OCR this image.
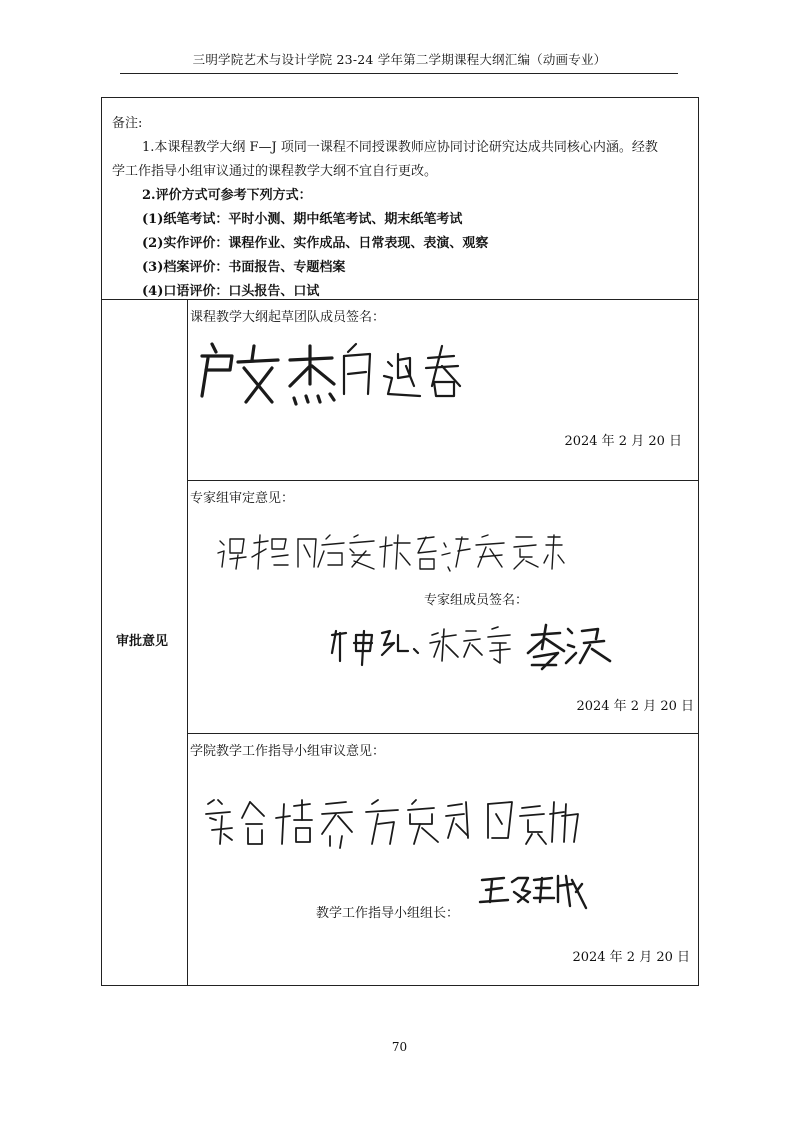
三明学院艺术与设计学院 23-24 学年第二学期课程大纲汇编（动画专业）
备注:
1.本课程教学大纲 F—J 项同一课程不同授课教师应协同讨论研究达成共同核心内涵。经教
学工作指导小组审议通过的课程教学大纲不宜自行更改。
2.评价方式可参考下列方式：
(1)纸笔考试：平时小测、期中纸笔考试、期末纸笔考试
(2)实作评价：课程作业、实作成品、日常表现、表演、观察
(3)档案评价：书面报告、专题档案
(4)口语评价：口头报告、口试
审批意见
课程教学大纲起草团队成员签名：
2024 年 2 月 20 日
专家组审定意见：
专家组成员签名：
2024 年 2 月 20 日
学院教学工作指导小组审议意见：
教学工作指导小组组长：
2024 年 2 月 20 日
70
